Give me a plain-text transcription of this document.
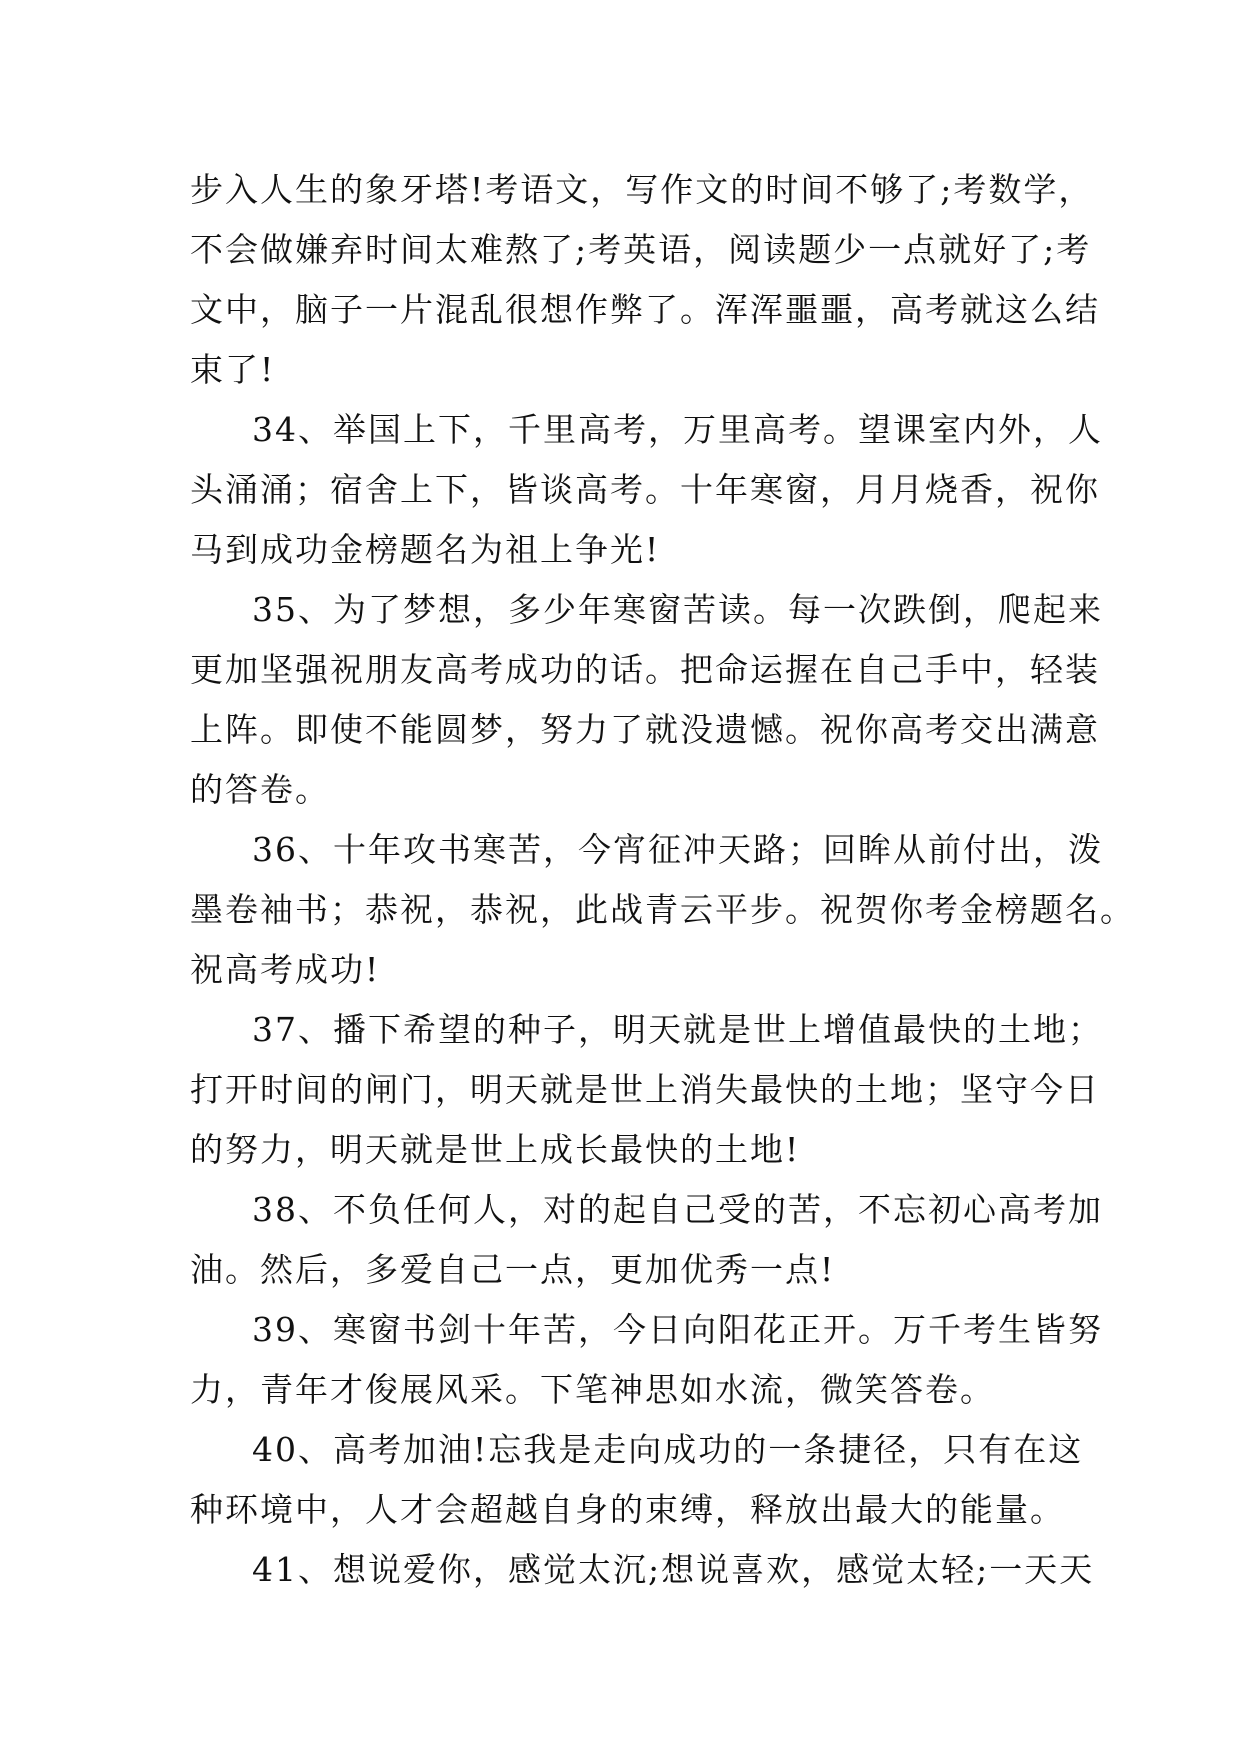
步入人生的象牙塔!考语文，写作文的时间不够了;考数学，
不会做嫌弃时间太难熬了;考英语，阅读题少一点就好了;考
文中，脑子一片混乱很想作弊了。浑浑噩噩，高考就这么结
束了!
34、举国上下，千里高考，万里高考。望课室内外，人
头涌涌；宿舍上下，皆谈高考。十年寒窗，月月烧香，祝你
马到成功金榜题名为祖上争光!
35、为了梦想，多少年寒窗苦读。每一次跌倒，爬起来
更加坚强祝朋友高考成功的话。把命运握在自己手中，轻装
上阵。即使不能圆梦，努力了就没遗憾。祝你高考交出满意
的答卷。
36、十年攻书寒苦，今宵征冲天路；回眸从前付出，泼
墨卷袖书；恭祝，恭祝，此战青云平步。祝贺你考金榜题名。
祝高考成功!
37、播下希望的种子，明天就是世上增值最快的土地；
打开时间的闸门，明天就是世上消失最快的土地；坚守今日
的努力，明天就是世上成长最快的土地!
38、不负任何人，对的起自己受的苦，不忘初心高考加
油。然后，多爱自己一点，更加优秀一点!
39、寒窗书剑十年苦，今日向阳花正开。万千考生皆努
力，青年才俊展风采。下笔神思如水流，微笑答卷。
40、高考加油!忘我是走向成功的一条捷径，只有在这
种环境中，人才会超越自身的束缚，释放出最大的能量。
41、想说爱你，感觉太沉;想说喜欢，感觉太轻;一天天
